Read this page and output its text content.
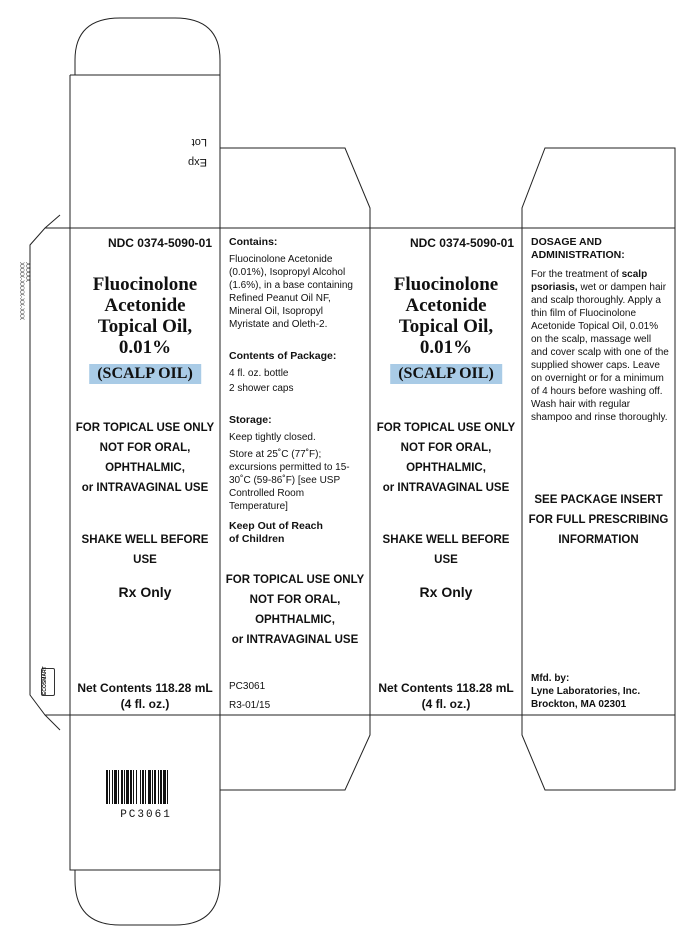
Exp
Lot
XXXXX
XXXX-XXXX-XX-XXX
ECOSMART
NDC 0374-5090-01
Fluocinolone
Acetonide
Topical Oil,
0.01%
(SCALP OIL)
FOR TOPICAL USE ONLY
NOT FOR ORAL,
OPHTHALMIC,
or INTRAVAGINAL USE
SHAKE WELL BEFORE USE
Rx Only
Net Contents 118.28 mL
(4 fl. oz.)

Contains:

Fluocinolone Acetonide (0.01%), Isopropyl Alcohol (1.6%), in a base containing Refined Peanut Oil NF, Mineral Oil, Isopropyl Myristate and Oleth-2.

Contents of Package:

4 fl. oz. bottle

2 shower caps

Storage:

Keep tightly closed.

Store at 25˚C (77˚F); excursions permitted to 15-30˚C (59-86˚F) [see USP Controlled Room Temperature]

Keep Out of Reach

of Children

FOR TOPICAL USE ONLY
NOT FOR ORAL,
OPHTHALMIC,
or INTRAVAGINAL USE

PC3061

R3-01/15

NDC 0374-5090-01
Fluocinolone
Acetonide
Topical Oil,
0.01%
(SCALP OIL)
FOR TOPICAL USE ONLY
NOT FOR ORAL,
OPHTHALMIC,
or INTRAVAGINAL USE
SHAKE WELL BEFORE USE
Rx Only
Net Contents 118.28 mL
(4 fl. oz.)

DOSAGE AND

ADMINISTRATION:

For the treatment of scalp psoriasis, wet or dampen hair and scalp thoroughly. Apply a thin film of Fluocinolone Acetonide Topical Oil, 0.01% on the scalp, massage well and cover scalp with one of the supplied shower caps. Leave on overnight or for a minimum of 4 hours before washing off. Wash hair with regular shampoo and rinse thoroughly.

SEE PACKAGE INSERT
FOR FULL PRESCRIBING
INFORMATION

Mfd. by:

Lyne Laboratories, Inc.

Brockton, MA 02301

PC3061
